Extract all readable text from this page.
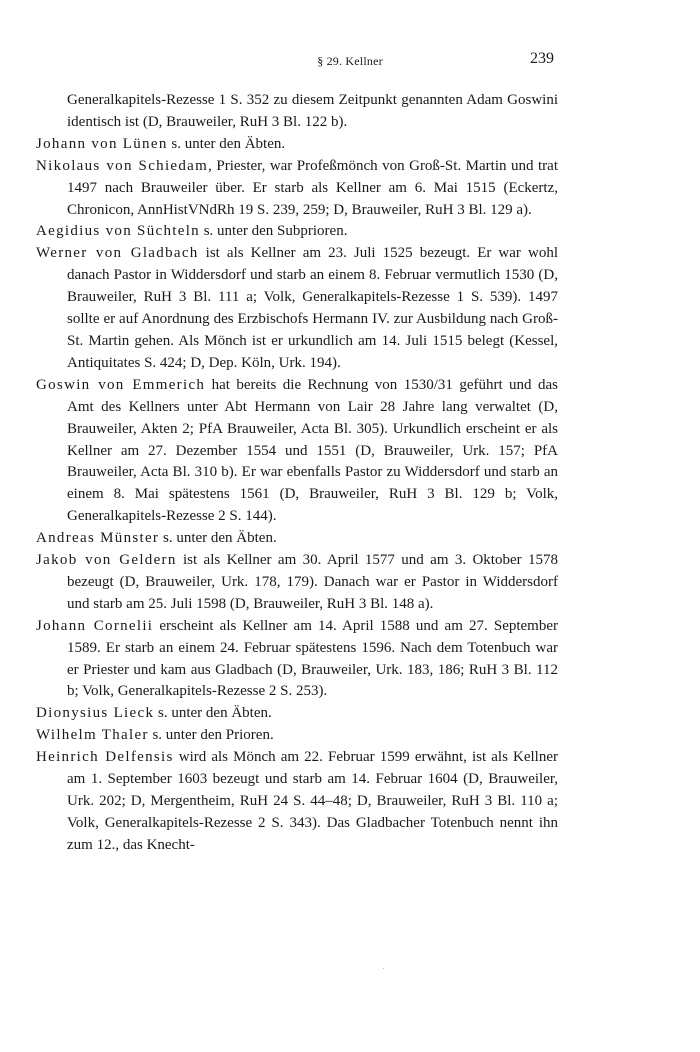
§ 29. Kellner	239

Generalkapitels-Rezesse 1 S. 352 zu diesem Zeitpunkt genannten Adam Goswini identisch ist (D, Brauweiler, RuH 3 Bl. 122 b).

Johann von Lünen s. unter den Äbten.

Nikolaus von Schiedam, Priester, war Profeßmönch von Groß-St. Martin und trat 1497 nach Brauweiler über. Er starb als Kellner am 6. Mai 1515 (Eckertz, Chronicon, AnnHistVNdRh 19 S. 239, 259; D, Brauweiler, RuH 3 Bl. 129 a).

Aegidius von Süchteln s. unter den Subprioren.

Werner von Gladbach ist als Kellner am 23. Juli 1525 bezeugt. Er war wohl danach Pastor in Widdersdorf und starb an einem 8. Februar vermutlich 1530 (D, Brauweiler, RuH 3 Bl. 111 a; Volk, Generalkapitels-Rezesse 1 S. 539). 1497 sollte er auf Anordnung des Erzbischofs Hermann IV. zur Ausbildung nach Groß-St. Martin gehen. Als Mönch ist er urkundlich am 14. Juli 1515 belegt (Kessel, Antiquitates S. 424; D, Dep. Köln, Urk. 194).

Goswin von Emmerich hat bereits die Rechnung von 1530/31 geführt und das Amt des Kellners unter Abt Hermann von Lair 28 Jahre lang verwaltet (D, Brauweiler, Akten 2; PfA Brauweiler, Acta Bl. 305). Urkundlich erscheint er als Kellner am 27. Dezember 1554 und 1551 (D, Brauweiler, Urk. 157; PfA Brauweiler, Acta Bl. 310 b). Er war ebenfalls Pastor zu Widdersdorf und starb an einem 8. Mai spätestens 1561 (D, Brauweiler, RuH 3 Bl. 129 b; Volk, Generalkapitels-Rezesse 2 S. 144).

Andreas Münster s. unter den Äbten.

Jakob von Geldern ist als Kellner am 30. April 1577 und am 3. Oktober 1578 bezeugt (D, Brauweiler, Urk. 178, 179). Danach war er Pastor in Widdersdorf und starb am 25. Juli 1598 (D, Brauweiler, RuH 3 Bl. 148 a).

Johann Cornelii erscheint als Kellner am 14. April 1588 und am 27. September 1589. Er starb an einem 24. Februar spätestens 1596. Nach dem Totenbuch war er Priester und kam aus Gladbach (D, Brauweiler, Urk. 183, 186; RuH 3 Bl. 112 b; Volk, Generalkapitels-Rezesse 2 S. 253).

Dionysius Lieck s. unter den Äbten.

Wilhelm Thaler s. unter den Prioren.

Heinrich Delfensis wird als Mönch am 22. Februar 1599 erwähnt, ist als Kellner am 1. September 1603 bezeugt und starb am 14. Februar 1604 (D, Brauweiler, Urk. 202; D, Mergentheim, RuH 24 S. 44–48; D, Brauweiler, RuH 3 Bl. 110 a; Volk, Generalkapitels-Rezesse 2 S. 343). Das Gladbacher Totenbuch nennt ihn zum 12., das Knecht-
